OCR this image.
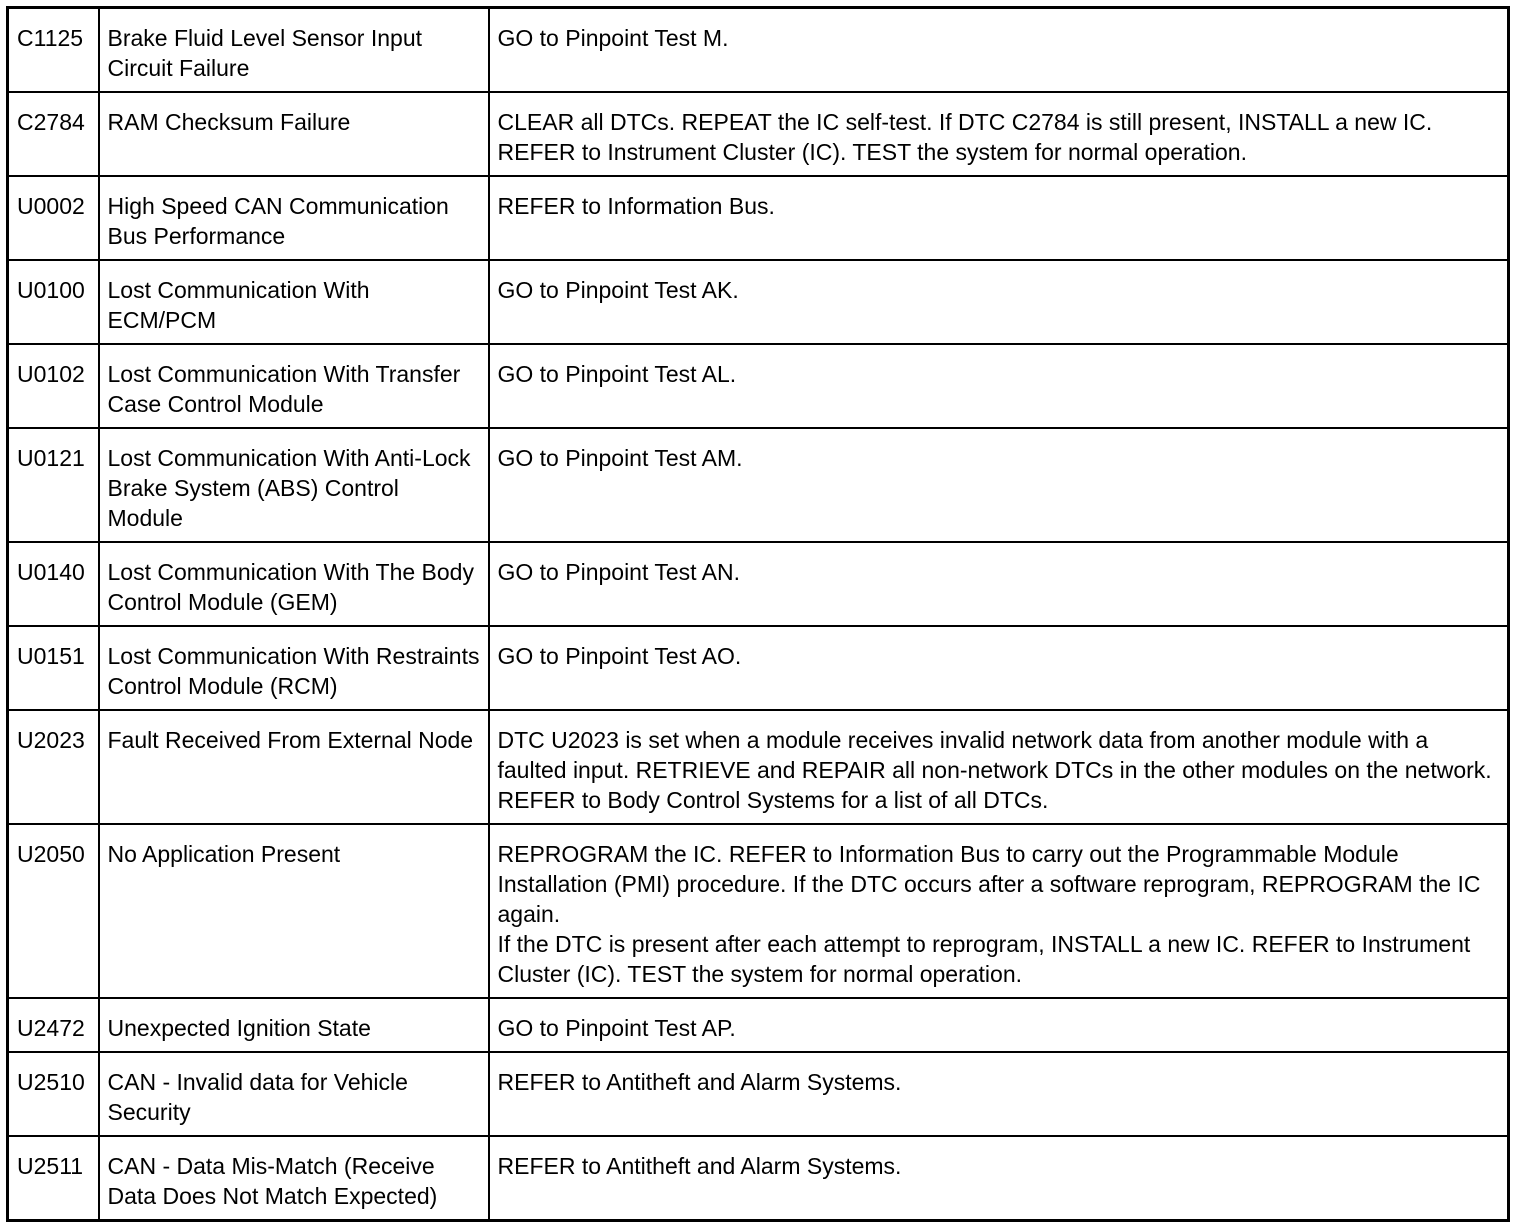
C1125	Brake Fluid Level Sensor Input Circuit Failure	GO to Pinpoint Test M.

C2784	RAM Checksum Failure	CLEAR all DTCs. REPEAT the IC self-test. If DTC C2784 is still present, INSTALL a new IC. REFER to Instrument Cluster (IC). TEST the system for normal operation.

U0002	High Speed CAN Communication Bus Performance	REFER to Information Bus.

U0100	Lost Communication With ECM/PCM	GO to Pinpoint Test AK.

U0102	Lost Communication With Transfer Case Control Module	GO to Pinpoint Test AL.

U0121	Lost Communication With Anti-Lock Brake System (ABS) Control Module	GO to Pinpoint Test AM.

U0140	Lost Communication With The Body Control Module (GEM)	GO to Pinpoint Test AN.

U0151	Lost Communication With Restraints Control Module (RCM)	GO to Pinpoint Test AO.

U2023	Fault Received From External Node	DTC U2023 is set when a module receives invalid network data from another module with a faulted input. RETRIEVE and REPAIR all non-network DTCs in the other modules on the network. REFER to Body Control Systems for a list of all DTCs.

U2050	No Application Present	REPROGRAM the IC. REFER to Information Bus to carry out the Programmable Module Installation (PMI) procedure. If the DTC occurs after a software reprogram, REPROGRAM the IC again.
If the DTC is present after each attempt to reprogram, INSTALL a new IC. REFER to Instrument Cluster (IC). TEST the system for normal operation.

U2472	Unexpected Ignition State	GO to Pinpoint Test AP.

U2510	CAN - Invalid data for Vehicle Security	REFER to Antitheft and Alarm Systems.

U2511	CAN - Data Mis-Match (Receive Data Does Not Match Expected)	REFER to Antitheft and Alarm Systems.
